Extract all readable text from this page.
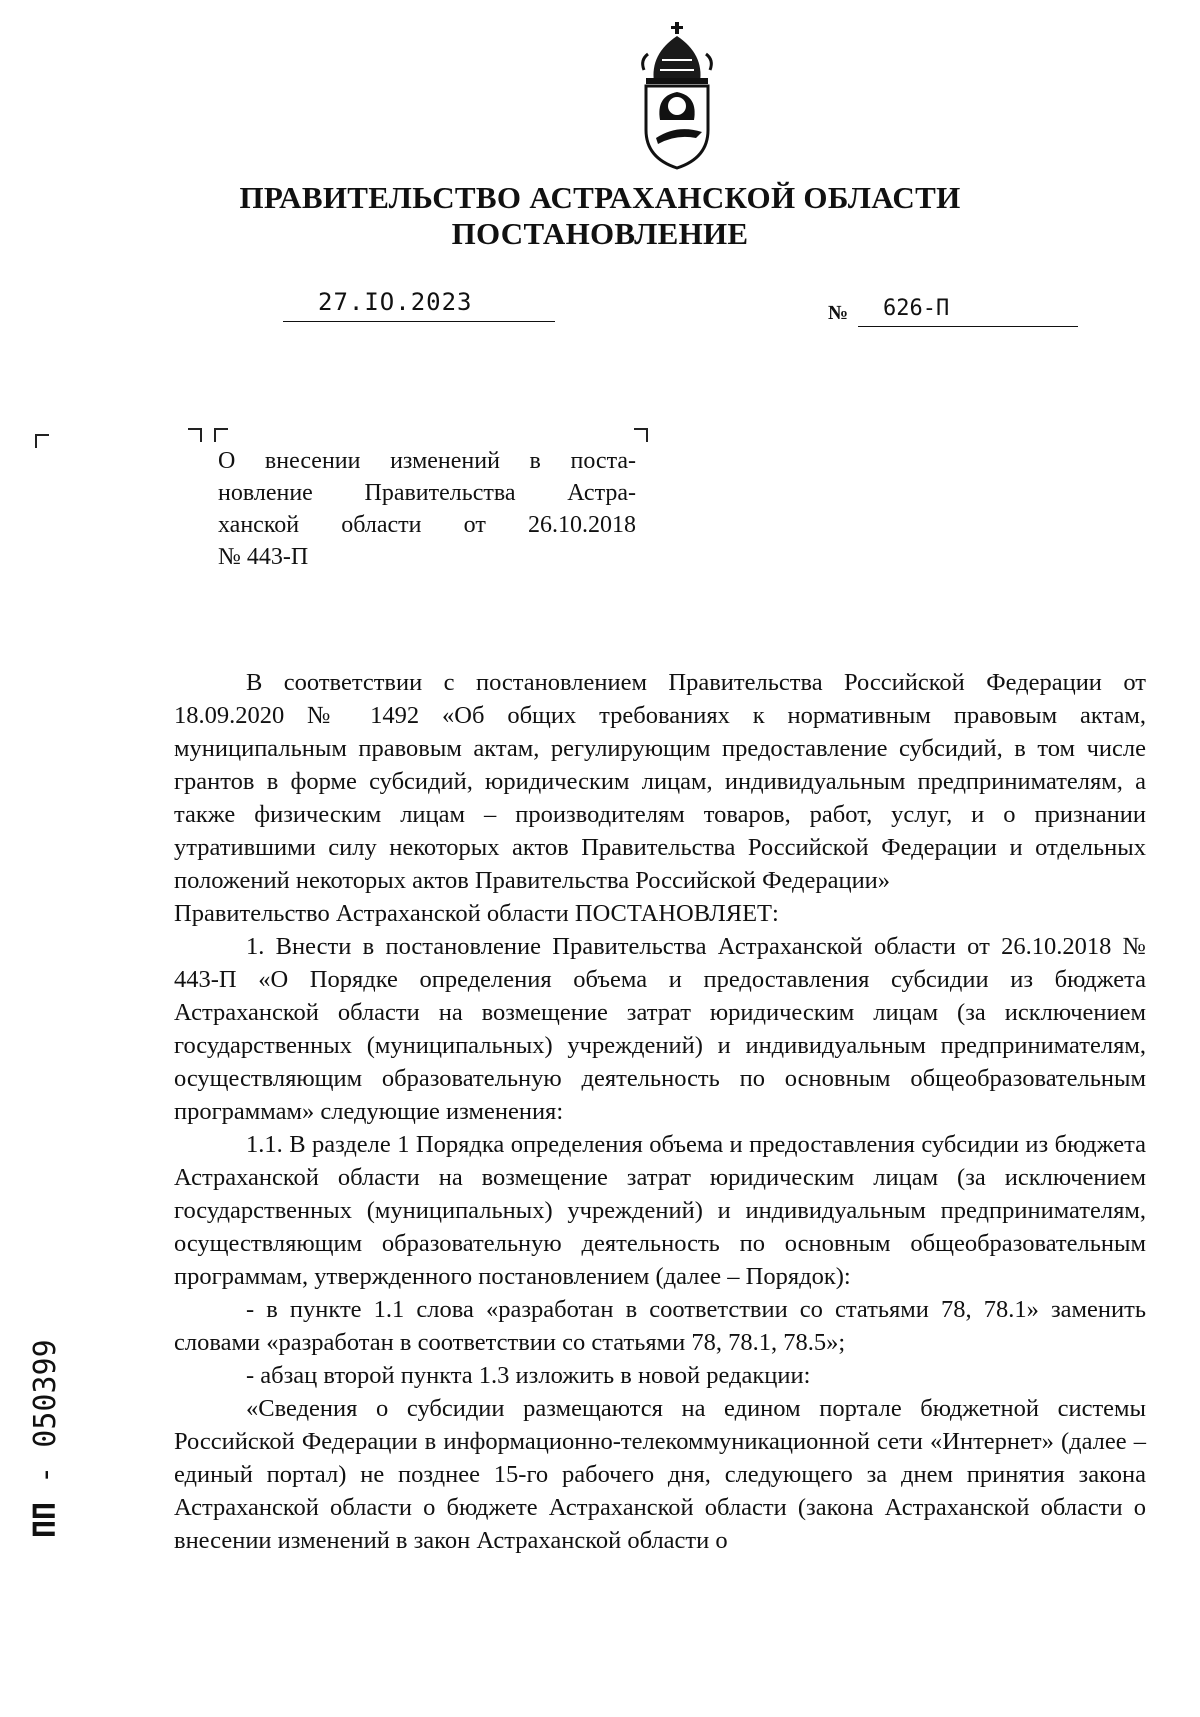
ПРАВИТЕЛЬСТВО АСТРАХАНСКОЙ ОБЛАСТИ
ПОСТАНОВЛЕНИЕ
27.IO.2023	№ 626-П
О внесении изменений в поста-
новление Правительства Астра-
ханской области от 26.10.2018
№ 443-П

В соответствии с постановлением Правительства Российской Федерации от 18.09.2020 № 1492 «Об общих требованиях к нормативным правовым актам, муниципальным правовым актам, регулирующим предоставление субсидий, в том числе грантов в форме субсидий, юридическим лицам, индивидуальным предпринимателям, а также физическим лицам – производителям товаров, работ, услуг, и о признании утратившими силу некоторых актов Правительства Российской Федерации и отдельных положений некоторых актов Правительства Российской Федерации»

Правительство Астраханской области ПОСТАНОВЛЯЕТ:

1. Внести в постановление Правительства Астраханской области от 26.10.2018 № 443-П «О Порядке определения объема и предоставления субсидии из бюджета Астраханской области на возмещение затрат юридическим лицам (за исключением государственных (муниципальных) учреждений) и индивидуальным предпринимателям, осуществляющим образовательную деятельность по основным общеобразовательным программам» следующие изменения:

1.1. В разделе 1 Порядка определения объема и предоставления субсидии из бюджета Астраханской области на возмещение затрат юридическим лицам (за исключением государственных (муниципальных) учреждений) и индивидуальным предпринимателям, осуществляющим образовательную деятельность по основным общеобразовательным программам, утвержденного постановлением (далее – Порядок):

- в пункте 1.1 слова «разработан в соответствии со статьями 78, 78.1» заменить словами «разработан в соответствии со статьями 78, 78.1, 78.5»;

- абзац второй пункта 1.3 изложить в новой редакции:

«Сведения о субсидии размещаются на едином портале бюджетной системы Российской Федерации в информационно-телекоммуникационной сети «Интернет» (далее – единый портал) не позднее 15-го рабочего дня, следующего за днем принятия закона Астраханской области о бюджете Астраханской области (закона Астраханской области о внесении изменений в закон Астраханской области о

ПП - 050399
